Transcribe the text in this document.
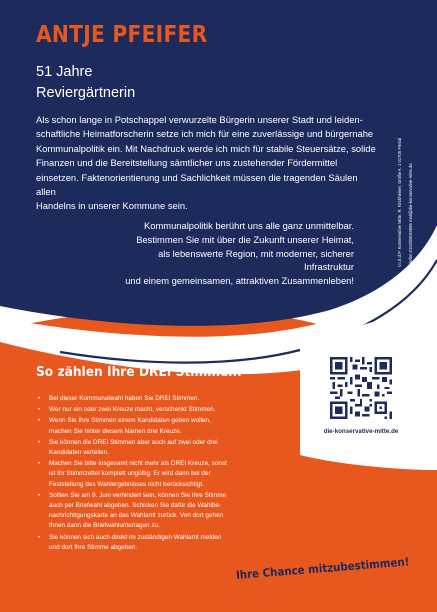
ANTJE PFEIFER
51 Jahre
Reviergärtnerin
Als schon lange in Potschappel verwurzelte Bürgerin unserer Stadt und leiden-
schaftliche Heimatforscherin setze ich mich für eine zuverlässige und bürgernahe
Kommunalpolitik ein. Mit Nachdruck werde ich mich für stabile Steuersätze, solide
Finanzen und die Bereitstellung sämtlicher uns zustehender Fördermittel
einsetzen. Faktenorientierung und Sachlichkeit müssen die tragenden Säulen allen
Handelns in unserer Kommune sein.
Kommunalpolitik berührt uns alle ganz unmittelbar.
Bestimmen Sie mit über die Zukunft unserer Heimat,
als lebenswerte Region, mit moderner, sicherer Infrastruktur
und einem gemeinsamen, attraktiven Zusammenleben!

V.i.S.d.P. Konservative Mitte, R. Kirchheiner, Große A. 1 01705 Freital Telefon 0152/08193595 mail@die-konservative-mitte.de

So zählen Ihre DREI Stimmen:
• Bei dieser Kommunalwahl haben Sie DREI Stimmen.
• Wer nur ein oder zwei Kreuze macht, verschenkt Stimmen.
• Wenn Sie Ihre Stimmen einem Kandidaten geben wollen,
machen Sie hinter diesem Namen drei Kreuze.
• Sie können die DREI Stimmen aber auch auf zwei oder drei
Kandidaten verteilen.
• Machen Sie bitte insgesamt nicht mehr als DREI Kreuze, sonst
ist Ihr Stimmzettel komplett ungültig. Er wird dann bei der
Feststellung des Wahlergebnisses nicht berücksichtigt.
• Sollten Sie am 9. Juni verhindert sein, können Sie Ihre Stimme
auch per Briefwahl abgeben. Schicken Sie dafür die Wahlbe-
nachrichtigungskarte an das Wahlamt zurück. Von dort gehen
Ihnen dann die Briefwahlunterlagen zu.
• Sie können sich auch direkt im zuständigen Wahlamt melden
und dort Ihre Stimme abgeben.
die-konservative-mitte.de
Ihre Chance mitzubestimmen!
